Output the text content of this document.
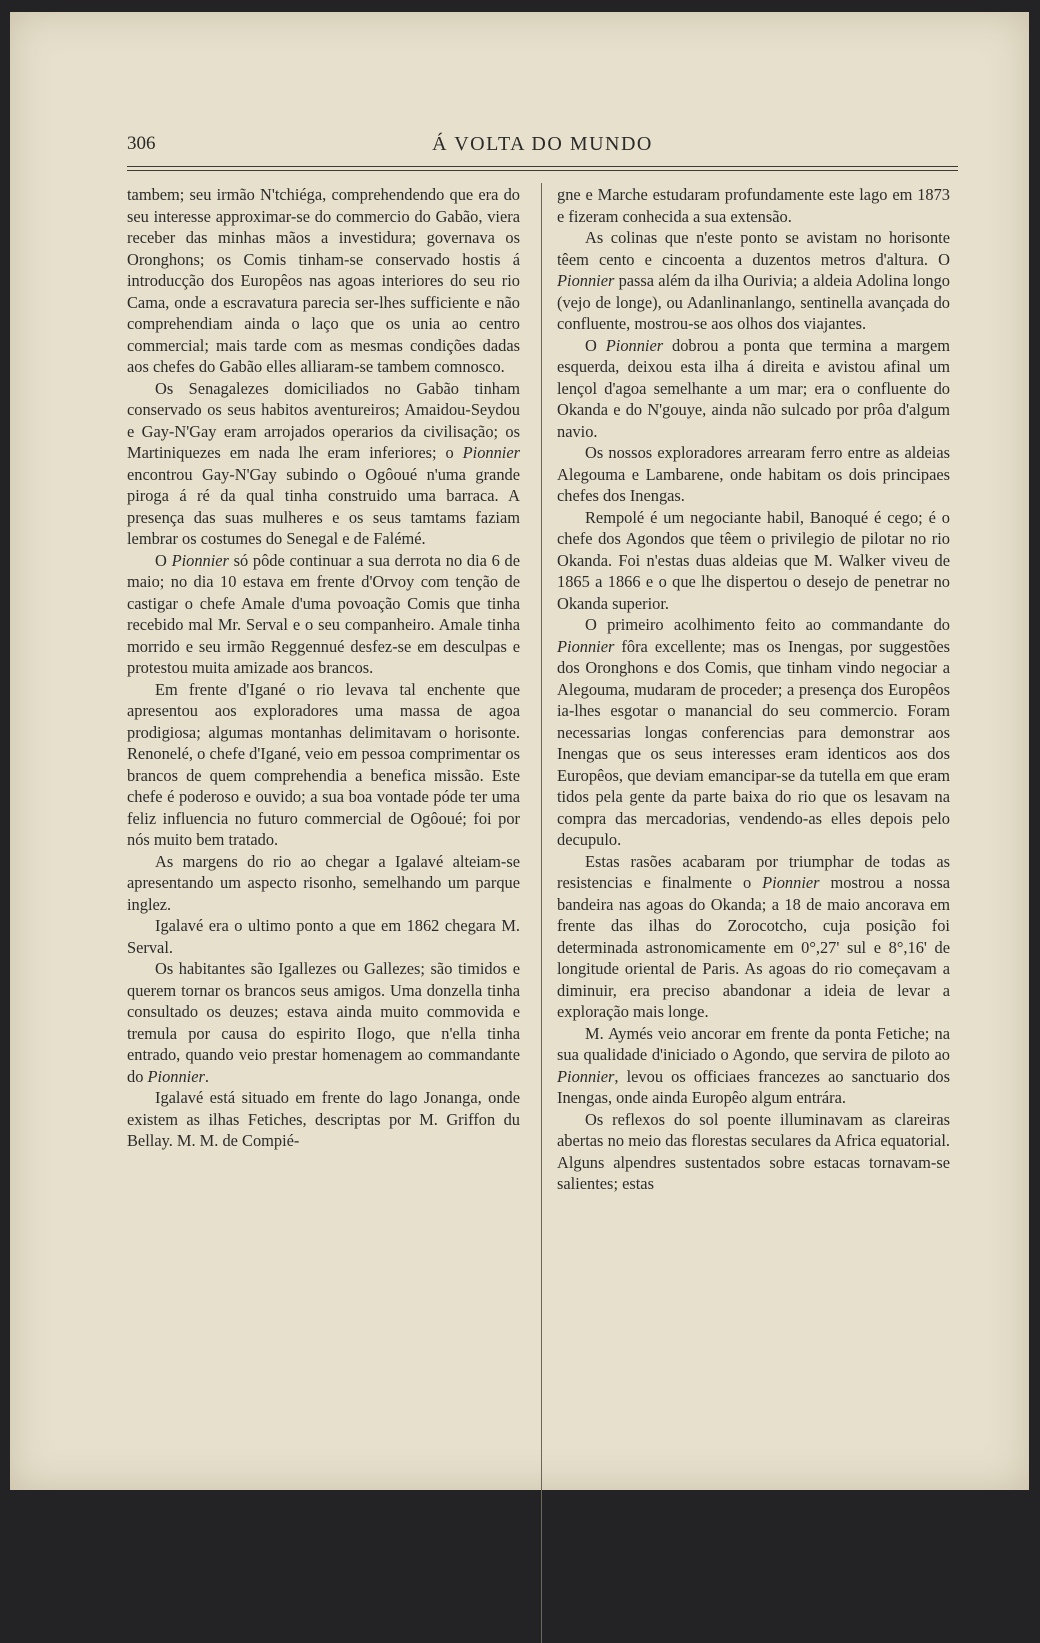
306	Á VOLTA DO MUNDO

tambem; seu irmão N'tchiéga, comprehendendo que era do seu interesse approximar-se do commercio do Gabão, viera receber das minhas mãos a investidura; governava os Oronghons; os Comis tinham-se conservado hostis á introducção dos Europêos nas agoas interiores do seu rio Cama, onde a escravatura parecia ser-lhes sufficiente e não comprehendiam ainda o laço que os unia ao centro commercial; mais tarde com as mesmas condições dadas aos chefes do Gabão elles alliaram-se tambem comnosco.

Os Senagalezes domiciliados no Gabão tinham conservado os seus habitos aventureiros; Amaidou-Seydou e Gay-N'Gay eram arrojados operarios da civilisação; os Martiniquezes em nada lhe eram inferiores; o Pionnier encontrou Gay-N'Gay subindo o Ogôoué n'uma grande piroga á ré da qual tinha construido uma barraca. A presença das suas mulheres e os seus tamtams faziam lembrar os costumes do Senegal e de Falémé.

O Pionnier só pôde continuar a sua derrota no dia 6 de maio; no dia 10 estava em frente d'Orvoy com tenção de castigar o chefe Amale d'uma povoação Comis que tinha recebido mal Mr. Serval e o seu companheiro. Amale tinha morrido e seu irmão Reggennué desfez-se em desculpas e protestou muita amizade aos brancos.

Em frente d'Igané o rio levava tal enchente que apresentou aos exploradores uma massa de agoa prodigiosa; algumas montanhas delimitavam o horisonte. Renonelé, o chefe d'Igané, veio em pessoa comprimentar os brancos de quem comprehendia a benefica missão. Este chefe é poderoso e ouvido; a sua boa vontade póde ter uma feliz influencia no futuro commercial de Ogôoué; foi por nós muito bem tratado.

As margens do rio ao chegar a Igalavé alteiam-se apresentando um aspecto risonho, semelhando um parque inglez.

Igalavé era o ultimo ponto a que em 1862 chegara M. Serval.

Os habitantes são Igallezes ou Gallezes; são timidos e querem tornar os brancos seus amigos. Uma donzella tinha consultado os deuzes; estava ainda muito commovida e tremula por causa do espirito Ilogo, que n'ella tinha entrado, quando veio prestar homenagem ao commandante do Pionnier.

Igalavé está situado em frente do lago Jonanga, onde existem as ilhas Fetiches, descriptas por M. Griffon du Bellay. M. M. de Compié-

gne e Marche estudaram profundamente este lago em 1873 e fizeram conhecida a sua extensão.

As colinas que n'este ponto se avistam no horisonte têem cento e cincoenta a duzentos metros d'altura. O Pionnier passa além da ilha Ourivia; a aldeia Adolina longo (vejo de longe), ou Adanlinanlango, sentinella avançada do confluente, mostrou-se aos olhos dos viajantes.

O Pionnier dobrou a ponta que termina a margem esquerda, deixou esta ilha á direita e avistou afinal um lençol d'agoa semelhante a um mar; era o confluente do Okanda e do N'gouye, ainda não sulcado por prôa d'algum navio.

Os nossos exploradores arrearam ferro entre as aldeias Alegouma e Lambarene, onde habitam os dois principaes chefes dos Inengas.

Rempolé é um negociante habil, Banoqué é cego; é o chefe dos Agondos que têem o privilegio de pilotar no rio Okanda. Foi n'estas duas aldeias que M. Walker viveu de 1865 a 1866 e o que lhe dispertou o desejo de penetrar no Okanda superior.

O primeiro acolhimento feito ao commandante do Pionnier fôra excellente; mas os Inengas, por suggestões dos Oronghons e dos Comis, que tinham vindo negociar a Alegouma, mudaram de proceder; a presença dos Europêos ia-lhes esgotar o manancial do seu commercio. Foram necessarias longas conferencias para demonstrar aos Inengas que os seus interesses eram identicos aos dos Europêos, que deviam emancipar-se da tutella em que eram tidos pela gente da parte baixa do rio que os lesavam na compra das mercadorias, vendendo-as elles depois pelo decupulo.

Estas rasões acabaram por triumphar de todas as resistencias e finalmente o Pionnier mostrou a nossa bandeira nas agoas do Okanda; a 18 de maio ancorava em frente das ilhas do Zorocotcho, cuja posição foi determinada astronomicamente em 0°,27' sul e 8°,16' de longitude oriental de Paris. As agoas do rio começavam a diminuir, era preciso abandonar a ideia de levar a exploração mais longe.

M. Aymés veio ancorar em frente da ponta Fetiche; na sua qualidade d'iniciado o Agondo, que servira de piloto ao Pionnier, levou os officiaes francezes ao sanctuario dos Inengas, onde ainda Europêo algum entrára.

Os reflexos do sol poente illuminavam as clareiras abertas no meio das florestas seculares da Africa equatorial. Alguns alpendres sustentados sobre estacas tornavam-se salientes; estas
